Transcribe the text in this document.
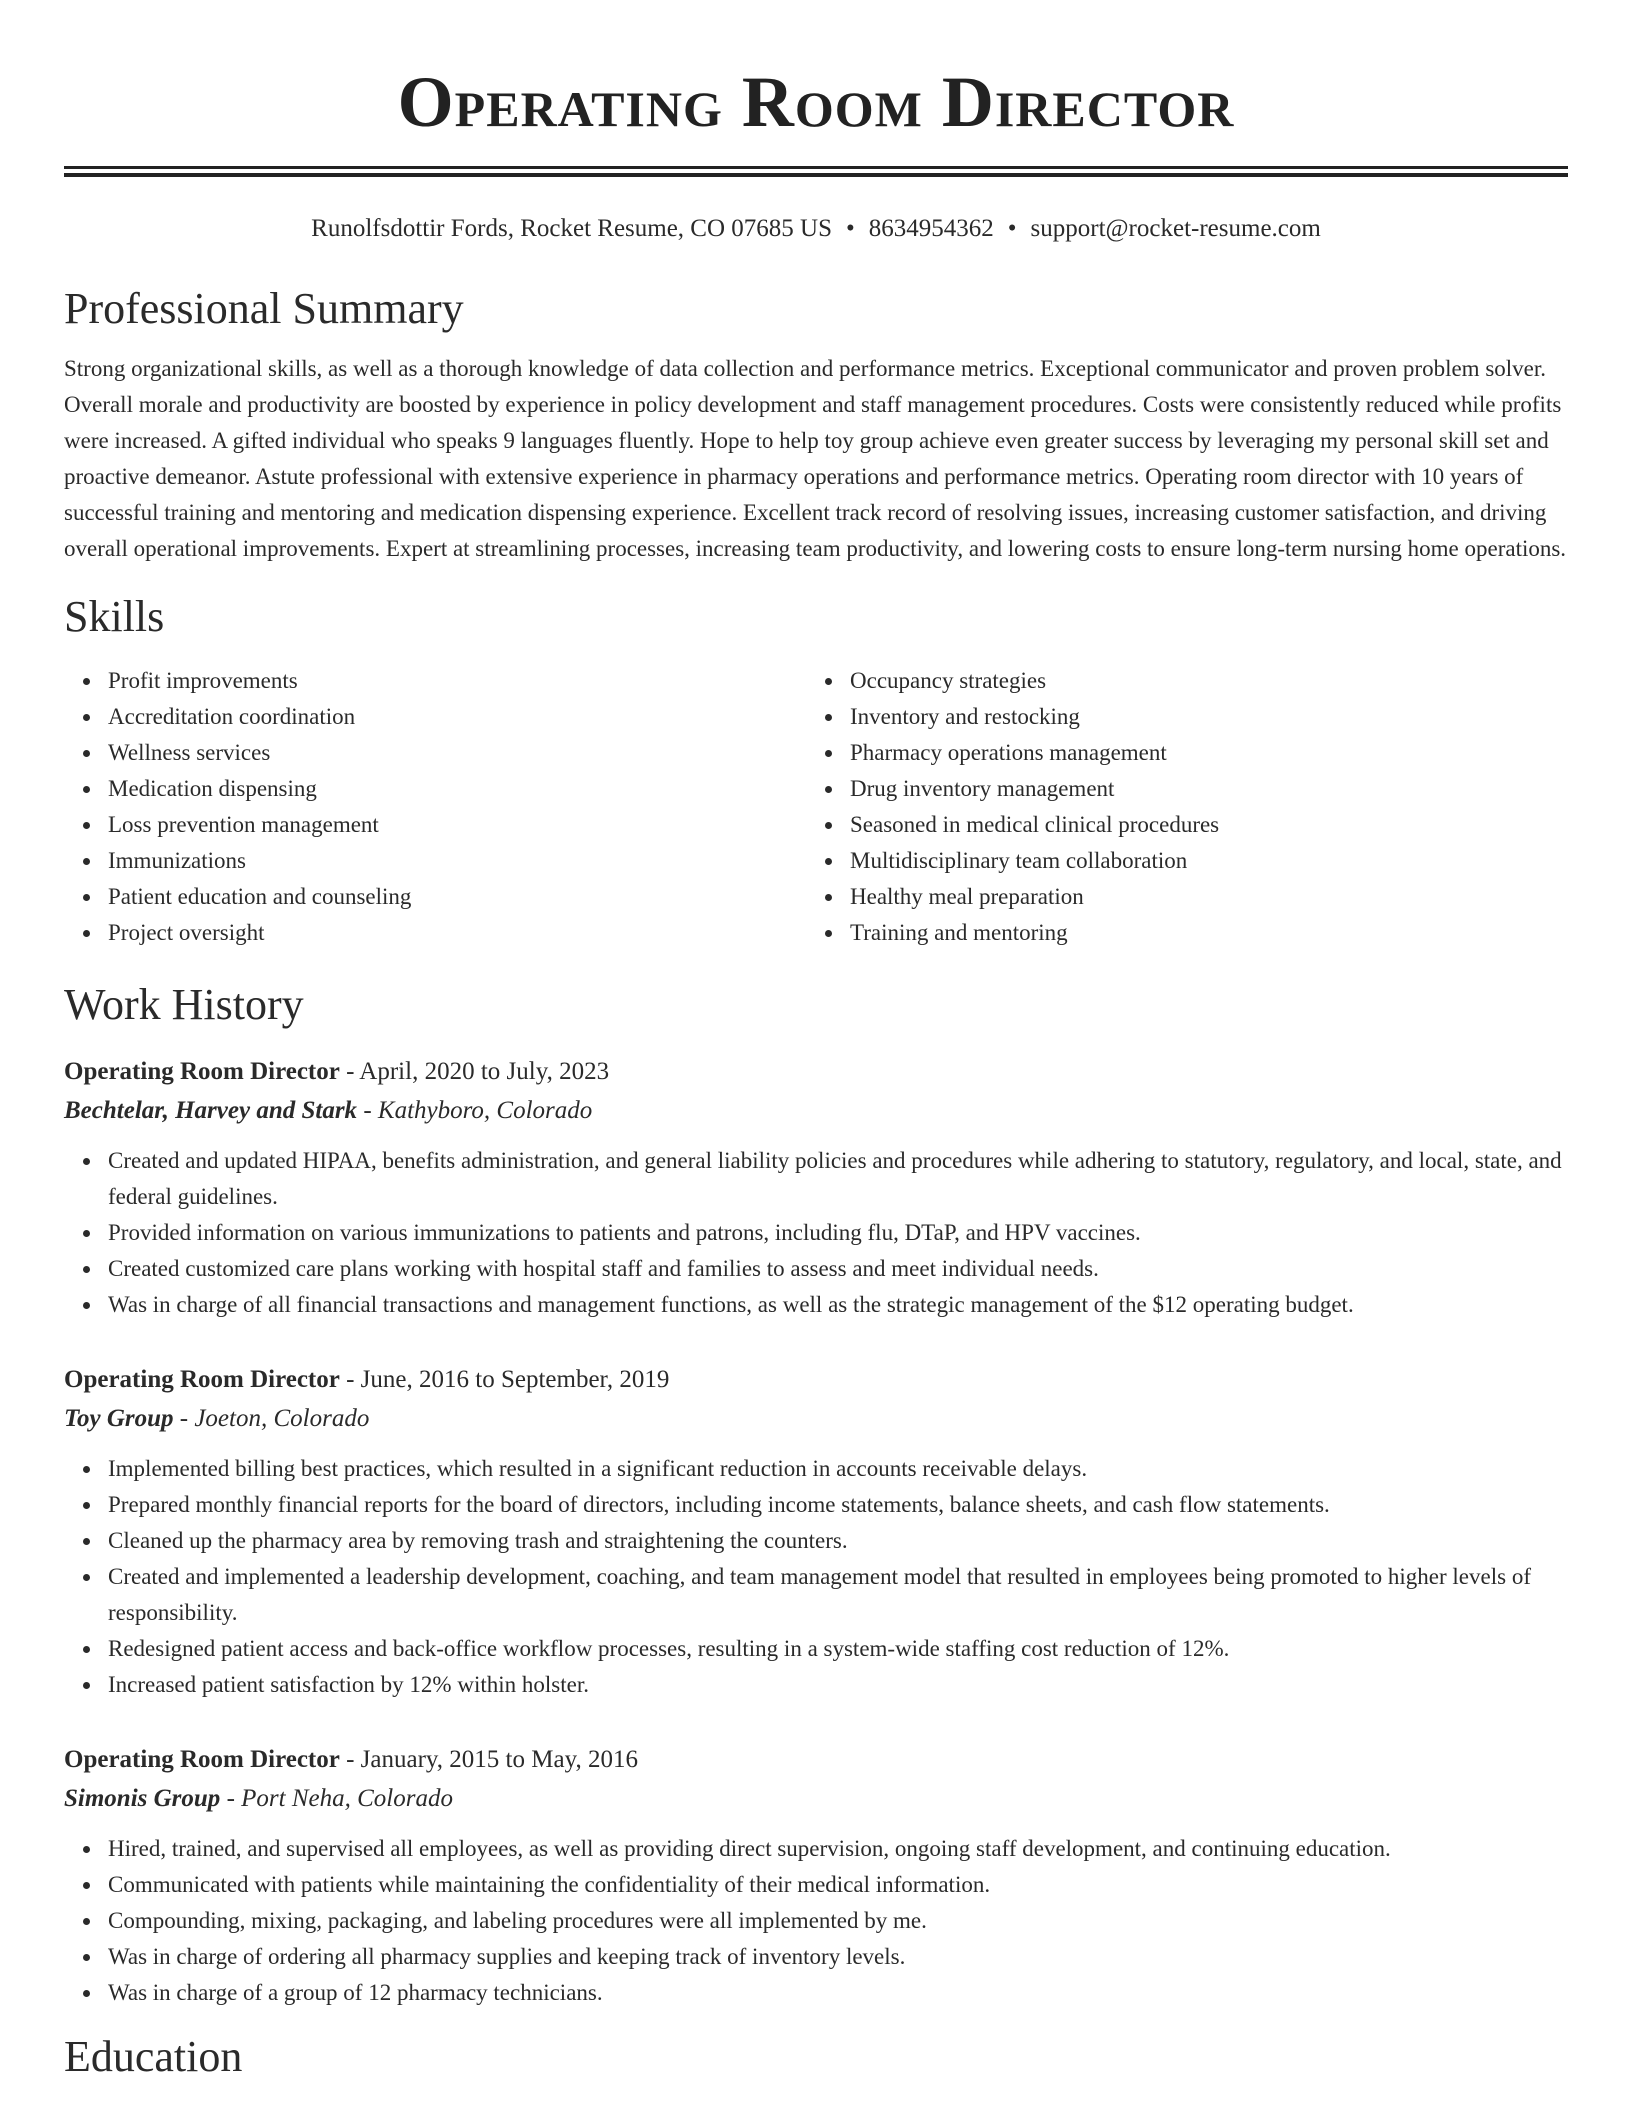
Operating Room Director
Runolfsdottir Fords, Rocket Resume, CO 07685 US • 8634954362 • support@rocket-resume.com
Professional Summary

Strong organizational skills, as well as a thorough knowledge of data collection and performance metrics. Exceptional communicator and proven problem solver. Overall morale and productivity are boosted by experience in policy development and staff management procedures. Costs were consistently reduced while profits were increased. A gifted individual who speaks 9 languages fluently. Hope to help toy group achieve even greater success by leveraging my personal skill set and proactive demeanor. Astute professional with extensive experience in pharmacy operations and performance metrics. Operating room director with 10 years of successful training and mentoring and medication dispensing experience. Excellent track record of resolving issues, increasing customer satisfaction, and driving overall operational improvements. Expert at streamlining processes, increasing team productivity, and lowering costs to ensure long-term nursing home operations.

Skills
Profit improvements
Accreditation coordination
Wellness services
Medication dispensing
Loss prevention management
Immunizations
Patient education and counseling
Project oversight
Occupancy strategies
Inventory and restocking
Pharmacy operations management
Drug inventory management
Seasoned in medical clinical procedures
Multidisciplinary team collaboration
Healthy meal preparation
Training and mentoring
Work History
Operating Room Director - April, 2020 to July, 2023
Bechtelar, Harvey and Stark - Kathyboro, Colorado
Created and updated HIPAA, benefits administration, and general liability policies and procedures while adhering to statutory, regulatory, and local, state, and federal guidelines.
Provided information on various immunizations to patients and patrons, including flu, DTaP, and HPV vaccines.
Created customized care plans working with hospital staff and families to assess and meet individual needs.
Was in charge of all financial transactions and management functions, as well as the strategic management of the $12 operating budget.
Operating Room Director - June, 2016 to September, 2019
Toy Group - Joeton, Colorado
Implemented billing best practices, which resulted in a significant reduction in accounts receivable delays.
Prepared monthly financial reports for the board of directors, including income statements, balance sheets, and cash flow statements.
Cleaned up the pharmacy area by removing trash and straightening the counters.
Created and implemented a leadership development, coaching, and team management model that resulted in employees being promoted to higher levels of responsibility.
Redesigned patient access and back-office workflow processes, resulting in a system-wide staffing cost reduction of 12%.
Increased patient satisfaction by 12% within holster.
Operating Room Director - January, 2015 to May, 2016
Simonis Group - Port Neha, Colorado
Hired, trained, and supervised all employees, as well as providing direct supervision, ongoing staff development, and continuing education.
Communicated with patients while maintaining the confidentiality of their medical information.
Compounding, mixing, packaging, and labeling procedures were all implemented by me.
Was in charge of ordering all pharmacy supplies and keeping track of inventory levels.
Was in charge of a group of 12 pharmacy technicians.
Education
